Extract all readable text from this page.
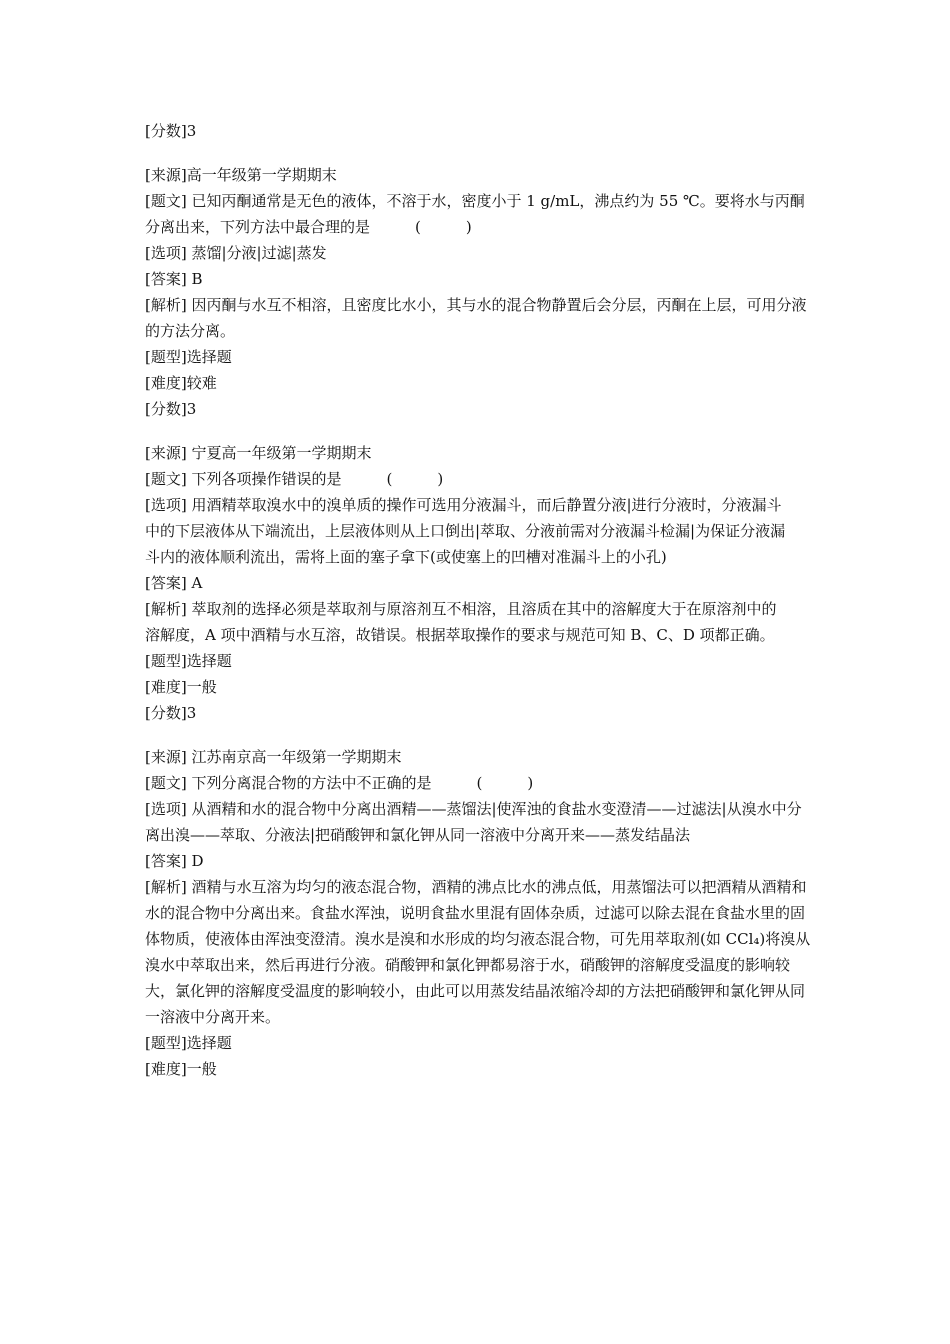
[分数]3

[来源]高一年级第一学期期末

[题文] 已知丙酮通常是无色的液体，不溶于水，密度小于 1 g/mL，沸点约为 55 ℃。要将水与丙酮分离出来，下列方法中最合理的是　　　(　　　)

[选项] 蒸馏|分液|过滤|蒸发

[答案] B

[解析] 因丙酮与水互不相溶，且密度比水小，其与水的混合物静置后会分层，丙酮在上层，可用分液的方法分离。

[题型]选择题

[难度]较难

[分数]3

[来源] 宁夏高一年级第一学期期末

[题文] 下列各项操作错误的是　　　(　　　)

[选项] 用酒精萃取溴水中的溴单质的操作可选用分液漏斗，而后静置分液|进行分液时，分液漏斗中的下层液体从下端流出，上层液体则从上口倒出|萃取、分液前需对分液漏斗检漏|为保证分液漏斗内的液体顺利流出，需将上面的塞子拿下(或使塞上的凹槽对准漏斗上的小孔)

[答案] A

[解析] 萃取剂的选择必须是萃取剂与原溶剂互不相溶，且溶质在其中的溶解度大于在原溶剂中的溶解度，A 项中酒精与水互溶，故错误。根据萃取操作的要求与规范可知 B、C、D 项都正确。

[题型]选择题

[难度]一般

[分数]3

[来源] 江苏南京高一年级第一学期期末

[题文] 下列分离混合物的方法中不正确的是　　　(　　　)

[选项] 从酒精和水的混合物中分离出酒精——蒸馏法|使浑浊的食盐水变澄清——过滤法|从溴水中分离出溴——萃取、分液法|把硝酸钾和氯化钾从同一溶液中分离开来——蒸发结晶法

[答案] D

[解析] 酒精与水互溶为均匀的液态混合物，酒精的沸点比水的沸点低，用蒸馏法可以把酒精从酒精和水的混合物中分离出来。食盐水浑浊，说明食盐水里混有固体杂质，过滤可以除去混在食盐水里的固体物质，使液体由浑浊变澄清。溴水是溴和水形成的均匀液态混合物，可先用萃取剂(如 CCl₄)将溴从溴水中萃取出来，然后再进行分液。硝酸钾和氯化钾都易溶于水，硝酸钾的溶解度受温度的影响较大，氯化钾的溶解度受温度的影响较小，由此可以用蒸发结晶浓缩冷却的方法把硝酸钾和氯化钾从同一溶液中分离开来。

[题型]选择题

[难度]一般
